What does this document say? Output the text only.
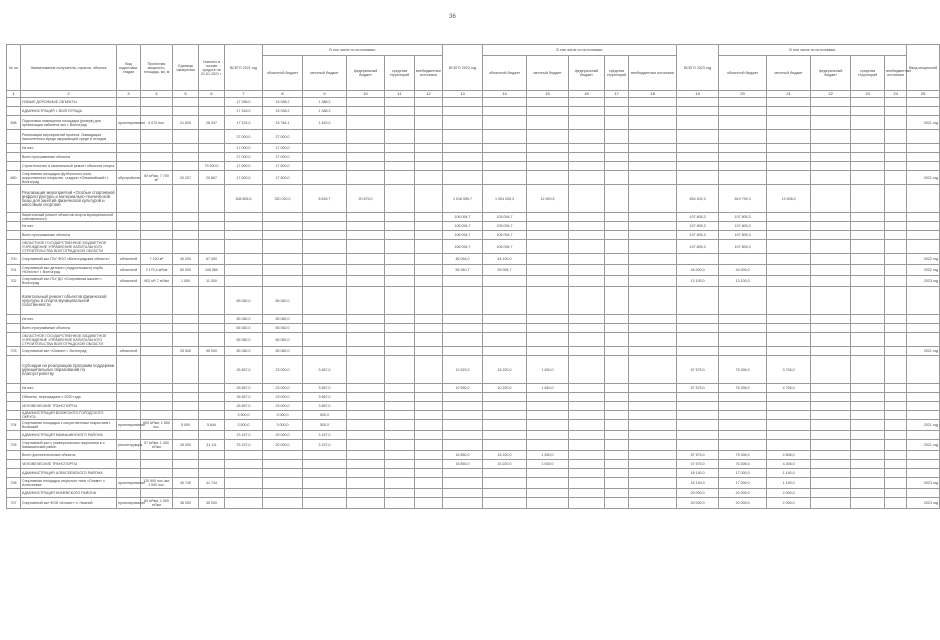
36
№ пп	Наименование получателя, отрасли, объекта	Вид подготовки, стадии	Проектная мощность, площадь, км, м	Единица измерения	Освоено в основе средств на 01.01.2021 г.	ВСЕГО 2021 год	В том числе по источникам:					ВСЕГО 2022 год	В том числе по источникам:					ВСЕГО 2023 год	В том числе по источникам:					Ввод мощностей
							областной бюджет	местный бюджет	федеральный бюджет	средства территорий	внебюджетные источники		областной бюджет	местный бюджет	федеральный бюджет	средства территорий	внебюджетные источники		областной бюджет	местный бюджет	федеральный бюджет	средства территорий	внебюджетные источники	
1	2	3	4	5	6	7	8	9	10	11	12	13	14	15	16	17	18	19	20	21	22	23	24	25
	НОВЫЕ ДОРОЖНЫЕ ОБЪЕКТЫ					17 286,0	15 938,2	1 388,2																
	АДМИНИСТРАЦИЯ г. ВОЛГОГРАДА					17 316,0	15 938,2	1 388,2																
698	Подготовка помещения площадки (резерв) для организации кабинета зал г. Волгоград	проектирование	4 070 пос.	21 620	26 037	17 224,0	15 784,1	1 440,0																2021 год
	Реализация мероприятий проекта. Ликвидация накопленного вреда окружающей среде и отходов					27 000,0	27 000,0																	
	Из них:					17 000,0	17 000,0																	
	Всего программные объекты					27 000,0	27 000,0																	
	Строительство и капитальный ремонт объектов спорта				79 200,0	17 500,0	17 500,0																	
660	Спортивная площадка футбольного поля, искусственное покрытие, стадион «Олимпийский» г. Волгоград	обустройство	60 м²/км, 7 700 м²	20 207	29 667	17 500,0	17 500,0																	2021 год
	Реализация мероприятий «Особые спортивной инфраструктуры и материально-технической базы для занятий физической культурой и массовым спортом»					308 805,5	320 010,0	8 816,7	20 675,0			1 016 555,7	1 004 035,3	12 520,5				834 402,3	819 794,3	12 608,0				
	Капитальный ремонт объектов спорта муниципальной собственности											106 094,7	105 094,7					107 805,3	107 805,3					
	Из них:											106 094,7	105 094,7					107 805,3	107 805,3					
	Всего программные объекты											106 094,7	105 094,7					107 805,3	107 805,3					
	ОБЛАСТНОЕ ГОСУДАРСТВЕННОЕ БЮДЖЕТНОЕ УЧРЕЖДЕНИЕ УПРАВЛЕНИЕ КАПИТАЛЬНОГО СТРОИТЕЛЬСТВА ВОЛГОГРАДСКОЙ ОБЛАСТИ											106 094,7	105 094,7					107 805,3	107 805,3					
700	Спортивный зал ГБУ ФСО «Волгоградская область»	областной	7 100 м²	40 200	67 000							46 054,0	44 100,0											2022 год
701	Спортивный зал детского (подросткового) клуба «Юность» г. Волгоград	областной	2 170,4 м²/км	50 000	106 560							55 940,7	59 994,7					44 000,0	44 000,0					2022 год
702	Спортивный зал ГБУ ДО «Спортивная школа» г. Волгоград	областной	602 м²/ 7 м²/км	1 050	11 000													13 100,0	13 100,0					2023 год
	Капитальный ремонт объектов физической культуры и спорта муниципальной собственности					65 082,0	65 082,0																	
	Из них:					65 082,0	65 082,0																	
	Всего программные объекты					65 082,0	65 082,0																	
	ОБЛАСТНОЕ ГОСУДАРСТВЕННОЕ БЮДЖЕТНОЕ УЧРЕЖДЕНИЕ УПРАВЛЕНИЕ КАПИТАЛЬНОГО СТРОИТЕЛЬСТВА ВОЛГОГРАДСКОЙ ОБЛАСТИ					65 082,0	65 082,0																	
703	Спортивный зал «Олимп» г. Волгоград	областной		25 540	95 000	65 082,0	65 082,0																	2021 год
	Субсидии на реализацию программ поддержки муниципальных образований по благоустройству					26 657,0	23 000,0	3 667,0				10 523,0	15 220,0	1 630,0				67 575,0	75 306,0	3 706,0				
	Из них:					26 657,0	23 000,0	3 657,0				10 550,0	10 220,0	1 640,0				57 575,0	76 306,0	4 706,0				
	Объекты, перешедшие с 2020 года					26 657,0	23 000,0	3 667,0																
	ЧЕЛОВЕЧЕСКИЕ ТРАНСПОРТЫ					26 657,0	23 000,0	3 667,0																
	АДМИНИСТРАЦИЯ ВОЛЖСКОГО ГОРОДСКОГО ОКРУГА					3 500,0	3 000,0	500,0																
704	Спортивная площадка с искусственным покрытием г. Волжский	проектирование	600 м²/км, 1 650 пос.	5 000	5 644	3 500,0	3 000,0	500,0																2021 год
	АДМИНИСТРАЦИЯ КАМЫШИНСКОГО РАЙОНА					23 157,0	20 000,0	3 157,0																
705	Спортивный зал с универсальным покрытием в с. Камышинский район	реконструкция	57 м²/км, 1 450 м²/км	35 000	31 111	23 157,0	20 000,0	3 157,0																2021 год
	Всего дополнительные объекты											16 850,0	15 220,0	1 630,0				87 575,0	75 306,0	4 806,0				
	ЧЕЛОВЕЧЕСКИЕ ТРАНСПОРТЫ											16 850,0	15 220,0	1 630,0				47 575,0	76 306,0	4 306,0				
	АДМИНИСТРАЦИЯ АЛЕКСЕЕВСКОГО РАЙОНА																	18 140,0	17 000,0	1 140,0				
706	Спортивная площадка открытого типа «Олимп» с. Алексеевка	проектирование	120 900 пос./км, 1 000 пос.	40 740	41 744													18 140,0	17 000,0	1 140,0				2023 год
	АДМИНИСТРАЦИЯ НИНЕВСКОГО РАЙОНА																	20 000,0	20 000,0	2 000,0				
707	Спортивный зал ФОК «Атлант» п. Нижний	проектирование	60 м²/км, 1 000 м²/км	36 000	35 000													20 000,0	20 000,0	2 000,0				2023 год
